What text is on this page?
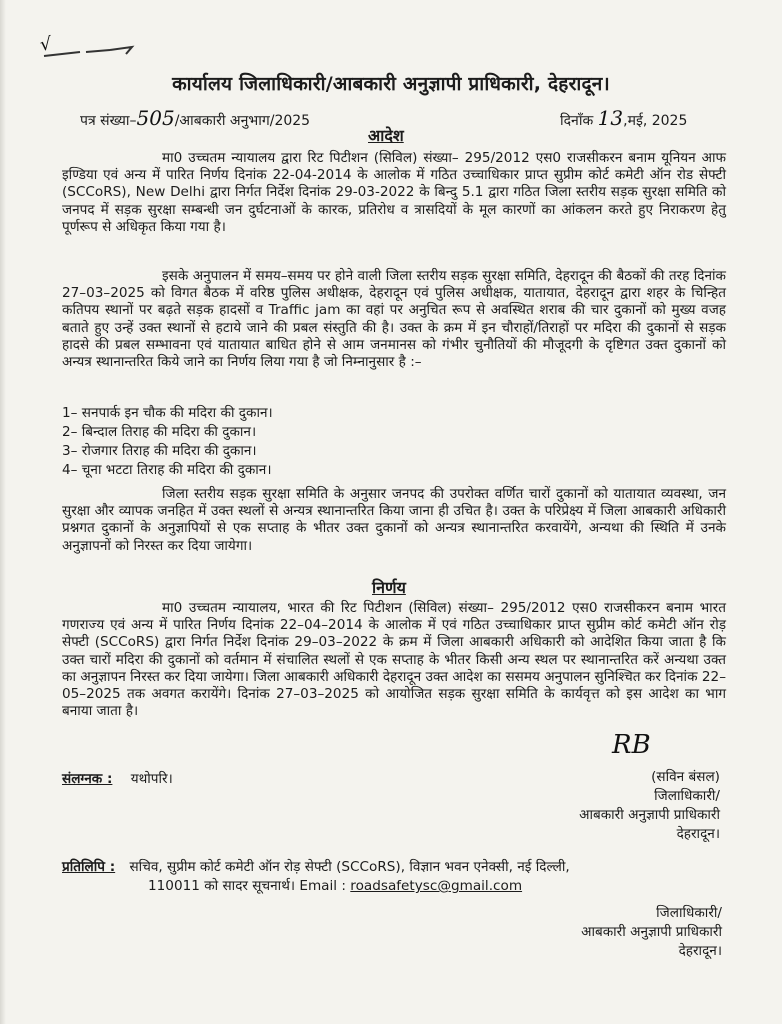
√
कार्यालय जिलाधिकारी/आबकारी अनुज्ञापी प्राधिकारी, देहरादून।
पत्र संख्या–505/आबकारी अनुभाग/2025	दिनाँक 13,मई, 2025
आदेश

मा0 उच्चतम न्यायालय द्वारा रिट पिटीशन (सिविल) संख्या– 295/2012 एस0 राजसीकरन बनाम यूनियन आफ इण्डिया एवं अन्य में पारित निर्णय दिनांक 22-04-2014 के आलोक में गठित उच्चाधिकार प्राप्त सुप्रीम कोर्ट कमेटी ऑन रोड सेफ्टी (SCCoRS), New Delhi द्वारा निर्गत निर्देश दिनांक 29-03-2022 के बिन्दु 5.1 द्वारा गठित जिला स्तरीय सड़क सुरक्षा समिति को जनपद में सड़क सुरक्षा सम्बन्धी जन दुर्घटनाओं के कारक, प्रतिरोध व त्रासदियों के मूल कारणों का आंकलन करते हुए निराकरण हेतु पूर्णरूप से अधिकृत किया गया है।

इसके अनुपालन में समय–समय पर होने वाली जिला स्तरीय सड़क सुरक्षा समिति, देहरादून की बैठकों की तरह दिनांक 27–03–2025 को विगत बैठक में वरिष्ठ पुलिस अधीक्षक, देहरादून एवं पुलिस अधीक्षक, यातायात, देहरादून द्वारा शहर के चिन्हित कतिपय स्थानों पर बढ़ते सड़क हादसों व Traffic jam का वहां पर अनुचित रूप से अवस्थित शराब की चार दुकानों को मुख्य वजह बताते हुए उन्हें उक्त स्थानों से हटाये जाने की प्रबल संस्तुति की है। उक्त के क्रम में इन चौराहों/तिराहों पर मदिरा की दुकानों से सड़क हादसे की प्रबल सम्भावना एवं यातायात बाधित होने से आम जनमानस को गंभीर चुनौतियों की मौजूदगी के दृष्टिगत उक्त दुकानों को अन्यत्र स्थानान्तरित किये जाने का निर्णय लिया गया है जो निम्नानुसार है :–

1– सनपार्क इन चौक की मदिरा की दुकान।
2– बिन्दाल तिराह की मदिरा की दुकान।
3– रोजगार तिराह की मदिरा की दुकान।
4– चूना भटटा तिराह की मदिरा की दुकान।

जिला स्तरीय सड़क सुरक्षा समिति के अनुसार जनपद की उपरोक्त वर्णित चारों दुकानों को यातायात व्यवस्था, जन सुरक्षा और व्यापक जनहित में उक्त स्थलों से अन्यत्र स्थानान्तरित किया जाना ही उचित है। उक्त के परिप्रेक्ष्य में जिला आबकारी अधिकारी प्रश्नगत दुकानों के अनुज्ञापियों से एक सप्ताह के भीतर उक्त दुकानों को अन्यत्र स्थानान्तरित करवायेंगे, अन्यथा की स्थिति में उनके अनुज्ञापनों को निरस्त कर दिया जायेगा।

निर्णय

मा0 उच्चतम न्यायालय, भारत की रिट पिटीशन (सिविल) संख्या– 295/2012 एस0 राजसीकरन बनाम भारत गणराज्य एवं अन्य में पारित निर्णय दिनांक 22–04–2014 के आलोक में एवं गठित उच्चाधिकार प्राप्त सुप्रीम कोर्ट कमेटी ऑन रोड़ सेफ्टी (SCCoRS) द्वारा निर्गत निर्देश दिनांक 29–03–2022 के क्रम में जिला आबकारी अधिकारी को आदेशित किया जाता है कि उक्त चारों मदिरा की दुकानों को वर्तमान में संचालित स्थलों से एक सप्ताह के भीतर किसी अन्य स्थल पर स्थानान्तरित करें अन्यथा उक्त का अनुज्ञापन निरस्त कर दिया जायेगा। जिला आबकारी अधिकारी देहरादून उक्त आदेश का ससमय अनुपालन सुनिश्चित कर दिनांक 22–05–2025 तक अवगत करायेंगे। दिनांक 27–03–2025 को आयोजित सड़क सुरक्षा समिति के कार्यवृत्त को इस आदेश का भाग बनाया जाता है।

संलग्नक : यथोपरि।
RB
(सविन बंसल)
जिलाधिकारी/
आबकारी अनुज्ञापी प्राधिकारी
देहरादून।
प्रतिलिपि : सचिव, सुप्रीम कोर्ट कमेटी ऑन रोड़ सेफ्टी (SCCoRS), विज्ञान भवन एनेक्सी, नई दिल्ली,
110011 को सादर सूचनार्थ। Email : roadsafetysc@gmail.com
जिलाधिकारी/
आबकारी अनुज्ञापी प्राधिकारी
देहरादून।
